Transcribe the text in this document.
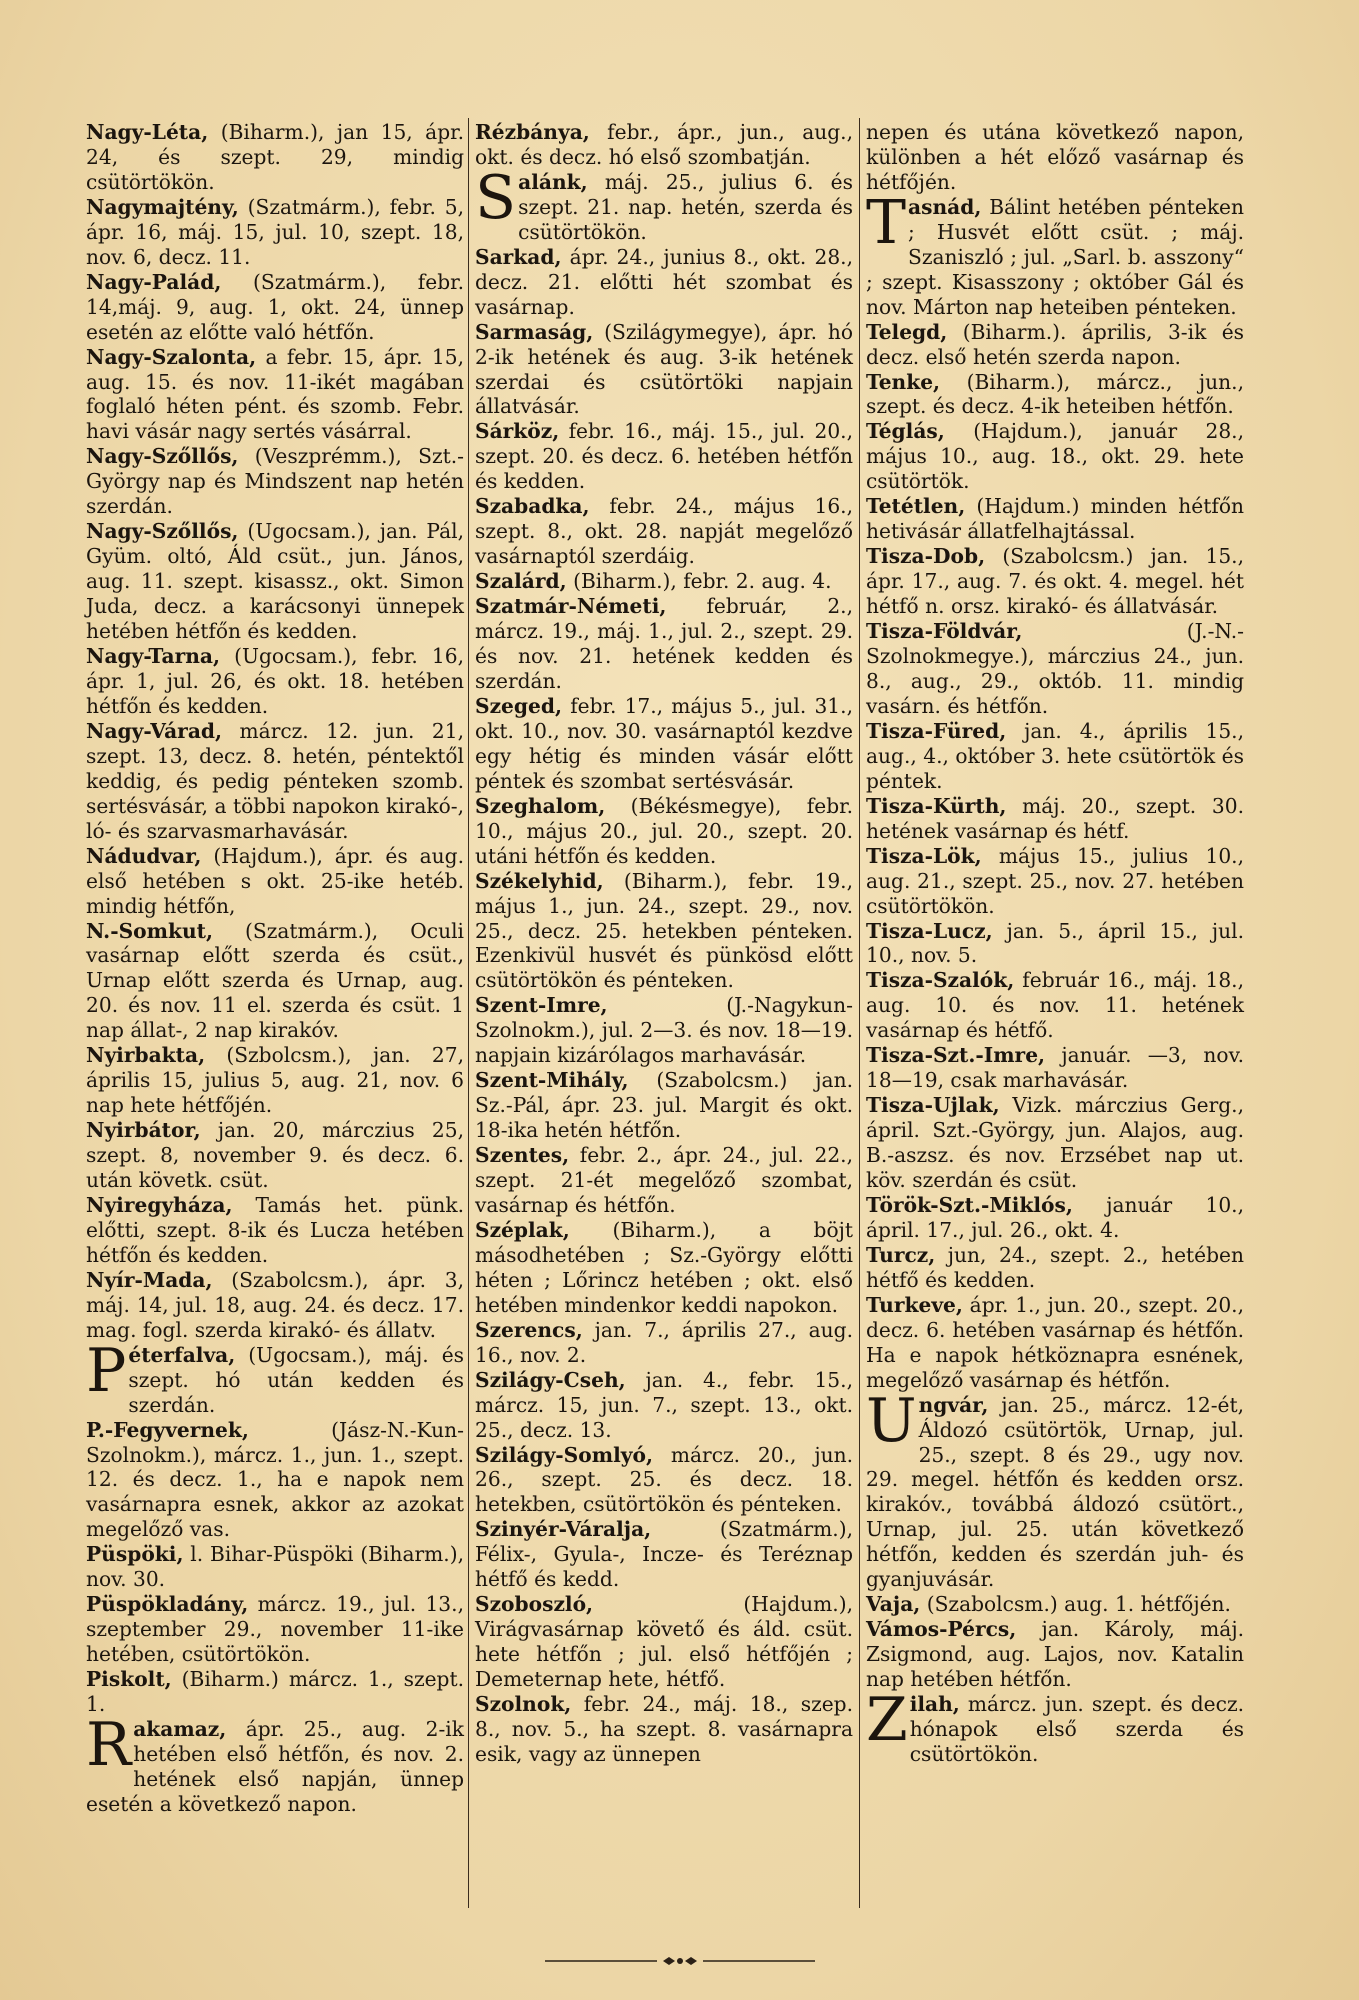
Nagy-Léta, (Biharm.), jan 15, ápr. 24, és szept. 29, mindig csütörtökön.

Nagymajtény, (Szatmárm.), febr. 5, ápr. 16, máj. 15, jul. 10, szept. 18, nov. 6, decz. 11.

Nagy-Palád, (Szatmárm.), febr. 14,máj. 9, aug. 1, okt. 24, ünnep esetén az előtte való hétfőn.

Nagy-Szalonta, a febr. 15, ápr. 15, aug. 15. és nov. 11-ikét magában foglaló héten pént. és szomb. Febr. havi vásár nagy sertés vásárral.

Nagy-Szőllős, (Veszprémm.), Szt.-György nap és Mindszent nap hetén szerdán.

Nagy-Szőllős, (Ugocsam.), jan. Pál, Gyüm. oltó, Áld csüt., jun. János, aug. 11. szept. kisassz., okt. Simon Juda, decz. a karácsonyi ünnepek hetében hétfőn és kedden.

Nagy-Tarna, (Ugocsam.), febr. 16, ápr. 1, jul. 26, és okt. 18. hetében hétfőn és kedden.

Nagy-Várad, márcz. 12. jun. 21, szept. 13, decz. 8. hetén, péntektől keddig, és pedig pénteken szomb. sertésvásár, a többi napokon kirakó-, ló- és szarvasmarhavásár.

Nádudvar, (Hajdum.), ápr. és aug. első hetében s okt. 25-ike hetéb. mindig hétfőn,

N.-Somkut, (Szatmárm.), Oculi vasárnap előtt szerda és csüt., Urnap előtt szerda és Urnap, aug. 20. és nov. 11 el. szerda és csüt. 1 nap állat-, 2 nap kirakóv.

Nyirbakta, (Szbolcsm.), jan. 27, április 15, julius 5, aug. 21, nov. 6 nap hete hétfőjén.

Nyirbátor, jan. 20, márczius 25, szept. 8, november 9. és decz. 6. után követk. csüt.

Nyiregyháza, Tamás het. pünk. előtti, szept. 8-ik és Lucza hetében hétfőn és kedden.

Nyír-Mada, (Szabolcsm.), ápr. 3, máj. 14, jul. 18, aug. 24. és decz. 17. mag. fogl. szerda kirakó- és állatv.

Péterfalva, (Ugocsam.), máj. és szept. hó után kedden és szerdán.

P.-Fegyvernek, (Jász-N.-Kun-Szolnokm.), márcz. 1., jun. 1., szept. 12. és decz. 1., ha e napok nem vasárnapra esnek, akkor az azokat megelőző vas.

Püspöki, l. Bihar-Püspöki (Biharm.), nov. 30.

Püspökladány, márcz. 19., jul. 13., szeptember 29., november 11-ike hetében, csütörtökön.

Piskolt, (Biharm.) márcz. 1., szept. 1.

Rakamaz, ápr. 25., aug. 2-ik hetében első hétfőn, és nov. 2. hetének első napján, ünnep esetén a következő napon.

Rézbánya, febr., ápr., jun., aug., okt. és decz. hó első szombatján.

Salánk, máj. 25., julius 6. és szept. 21. nap. hetén, szerda és csütörtökön.

Sarkad, ápr. 24., junius 8., okt. 28., decz. 21. előtti hét szombat és vasárnap.

Sarmaság, (Szilágymegye), ápr. hó 2-ik hetének és aug. 3-ik hetének szerdai és csütörtöki napjain állatvásár.

Sárköz, febr. 16., máj. 15., jul. 20., szept. 20. és decz. 6. hetében hétfőn és kedden.

Szabadka, febr. 24., május 16., szept. 8., okt. 28. napját megelőző vasárnaptól szerdáig.

Szalárd, (Biharm.), febr. 2. aug. 4.

Szatmár-Németi, február, 2., márcz. 19., máj. 1., jul. 2., szept. 29. és nov. 21. hetének kedden és szerdán.

Szeged, febr. 17., május 5., jul. 31., okt. 10., nov. 30. vasárnaptól kezdve egy hétig és minden vásár előtt péntek és szombat sertésvásár.

Szeghalom, (Békésmegye), febr. 10., május 20., jul. 20., szept. 20. utáni hétfőn és kedden.

Székelyhid, (Biharm.), febr. 19., május 1., jun. 24., szept. 29., nov. 25., decz. 25. hetekben pénteken. Ezenkivül husvét és pünkösd előtt csütörtökön és pénteken.

Szent-Imre, (J.-Nagykun-Szolnokm.), jul. 2—3. és nov. 18—19. napjain kizárólagos marhavásár.

Szent-Mihály, (Szabolcsm.) jan. Sz.-Pál, ápr. 23. jul. Margit és okt. 18-ika hetén hétfőn.

Szentes, febr. 2., ápr. 24., jul. 22., szept. 21-ét megelőző szombat, vasárnap és hétfőn.

Széplak, (Biharm.), a böjt másodhetében ; Sz.-György előtti héten ; Lőrincz hetében ; okt. első hetében mindenkor keddi napokon.

Szerencs, jan. 7., április 27., aug. 16., nov. 2.

Szilágy-Cseh, jan. 4., febr. 15., márcz. 15, jun. 7., szept. 13., okt. 25., decz. 13.

Szilágy-Somlyó, márcz. 20., jun. 26., szept. 25. és decz. 18. hetekben, csütörtökön és pénteken.

Szinyér-Váralja, (Szatmárm.), Félix-, Gyula-, Incze- és Teréznap hétfő és kedd.

Szoboszló, (Hajdum.), Virágvasárnap követő és áld. csüt. hete hétfőn ; jul. első hétfőjén ; Demeternap hete, hétfő.

Szolnok, febr. 24., máj. 18., szep. 8., nov. 5., ha szept. 8. vasárnapra esik, vagy az ünnepen

nepen és utána következő napon, különben a hét előző vasárnap és hétfőjén.

Tasnád, Bálint hetében pénteken ; Husvét előtt csüt. ; máj. Szaniszló ; jul. „Sarl. b. asszony“ ; szept. Kisasszony ; október Gál és nov. Márton nap heteiben pénteken.

Telegd, (Biharm.). április, 3-ik és decz. első hetén szerda napon.

Tenke, (Biharm.), márcz., jun., szept. és decz. 4-ik heteiben hétfőn.

Téglás, (Hajdum.), január 28., május 10., aug. 18., okt. 29. hete csütörtök.

Tetétlen, (Hajdum.) minden hétfőn hetivásár állatfelhajtással.

Tisza-Dob, (Szabolcsm.) jan. 15., ápr. 17., aug. 7. és okt. 4. megel. hét hétfő n. orsz. kirakó- és állatvásár.

Tisza-Földvár, (J.-N.-Szolnokmegye.), márczius 24., jun. 8., aug., 29., októb. 11. mindig vasárn. és hétfőn.

Tisza-Füred, jan. 4., április 15., aug., 4., október 3. hete csütörtök és péntek.

Tisza-Kürth, máj. 20., szept. 30. hetének vasárnap és hétf.

Tisza-Lök, május 15., julius 10., aug. 21., szept. 25., nov. 27. hetében csütörtökön.

Tisza-Lucz, jan. 5., ápril 15., jul. 10., nov. 5.

Tisza-Szalók, február 16., máj. 18., aug. 10. és nov. 11. hetének vasárnap és hétfő.

Tisza-Szt.-Imre, január. —3, nov. 18—19, csak marhavásár.

Tisza-Ujlak, Vizk. márczius Gerg., ápril. Szt.-György, jun. Alajos, aug. B.-aszsz. és nov. Erzsébet nap ut. köv. szerdán és csüt.

Török-Szt.-Miklós, január 10., ápril. 17., jul. 26., okt. 4.

Turcz, jun, 24., szept. 2., hetében hétfő és kedden.

Turkeve, ápr. 1., jun. 20., szept. 20., decz. 6. hetében vasárnap és hétfőn. Ha e napok hétköznapra esnének, megelőző vasárnap és hétfőn.

Ungvár, jan. 25., márcz. 12-ét, Áldozó csütörtök, Urnap, jul. 25., szept. 8 és 29., ugy nov. 29. megel. hétfőn és kedden orsz. kirakóv., továbbá áldozó csütört., Urnap, jul. 25. után következő hétfőn, kedden és szerdán juh- és gyanjuvásár.

Vaja, (Szabolcsm.) aug. 1. hétfőjén.

Vámos-Pércs, jan. Károly, máj. Zsigmond, aug. Lajos, nov. Katalin nap hetében hétfőn.

Zilah, márcz. jun. szept. és decz. hónapok első szerda és csütörtökön.
